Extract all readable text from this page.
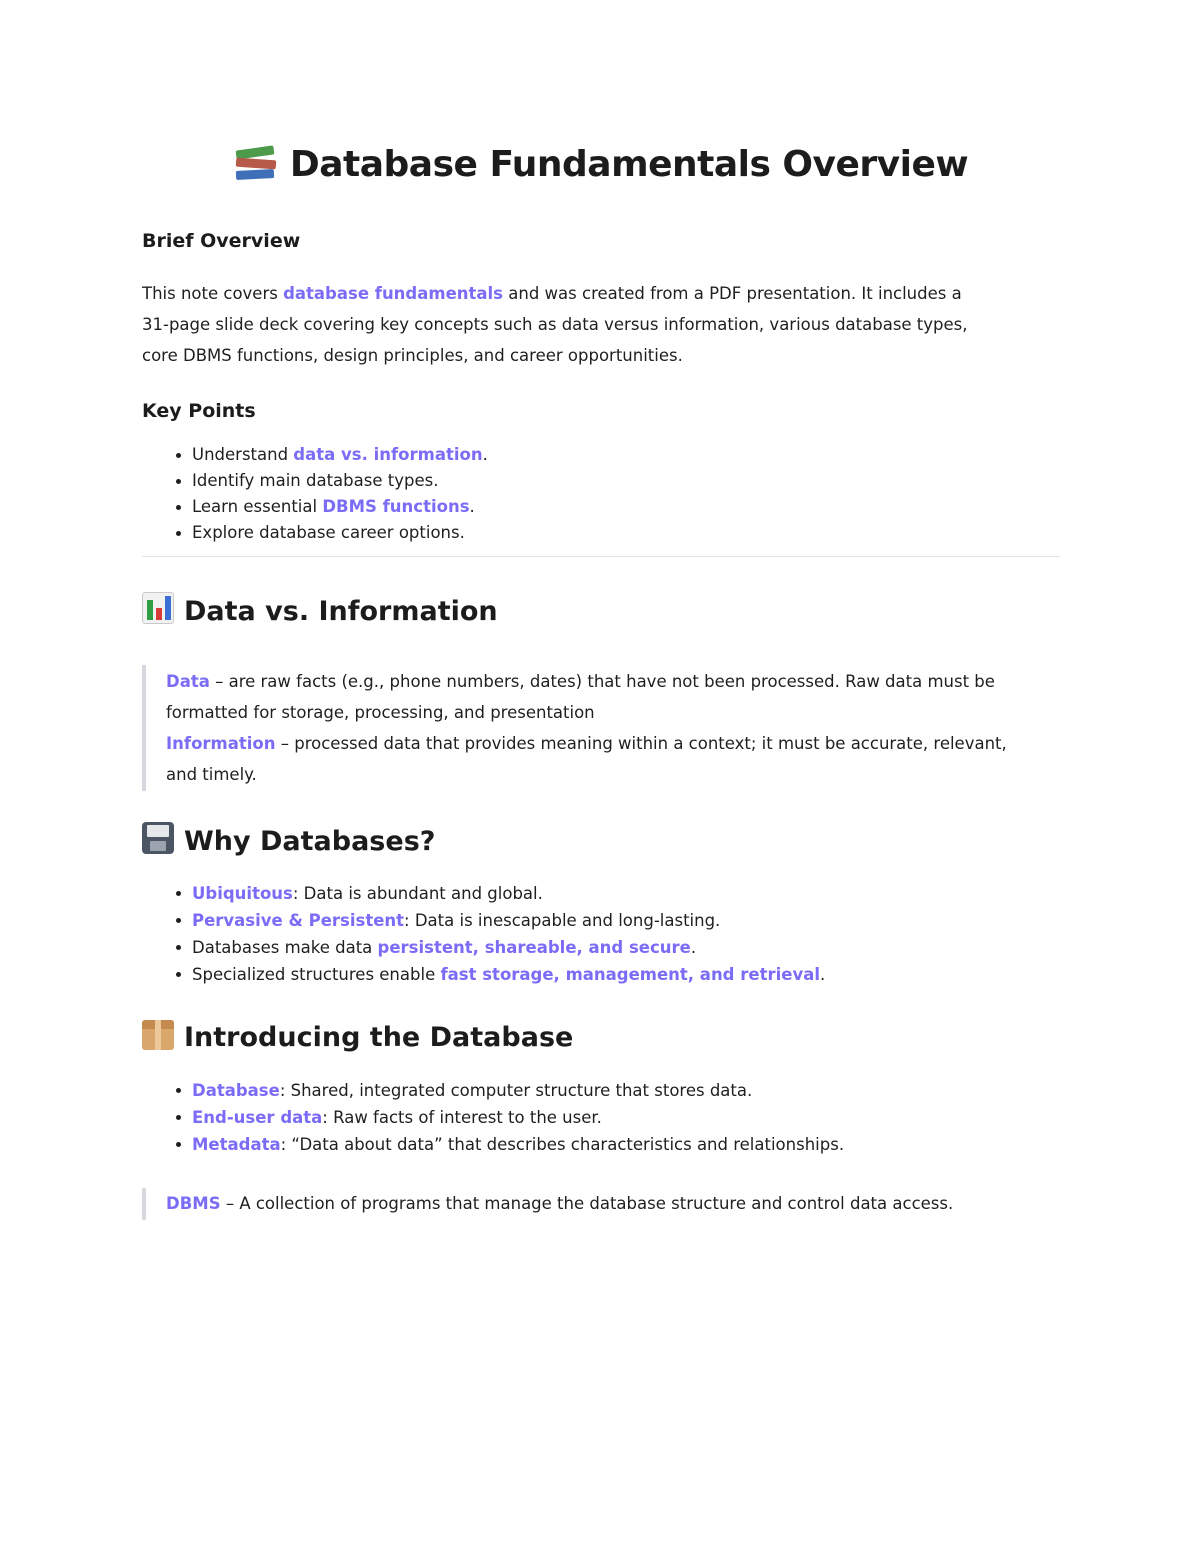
Database Fundamentals Overview
Brief Overview
This note covers database fundamentals and was created from a PDF presentation. It includes a
31-page slide deck covering key concepts such as data versus information, various database types,
core DBMS functions, design principles, and career opportunities.
Key Points
Understand data vs. information.
Identify main database types.
Learn essential DBMS functions.
Explore database career options.
Data vs. Information
Data – are raw facts (e.g., phone numbers, dates) that have not been processed. Raw data must be
formatted for storage, processing, and presentation
Information – processed data that provides meaning within a context; it must be accurate, relevant,
and timely.
Why Databases?
Ubiquitous: Data is abundant and global.
Pervasive & Persistent: Data is inescapable and long-lasting.
Databases make data persistent, shareable, and secure.
Specialized structures enable fast storage, management, and retrieval.
Introducing the Database
Database: Shared, integrated computer structure that stores data.
End-user data: Raw facts of interest to the user.
Metadata: “Data about data” that describes characteristics and relationships.
DBMS – A collection of programs that manage the database structure and control data access.
